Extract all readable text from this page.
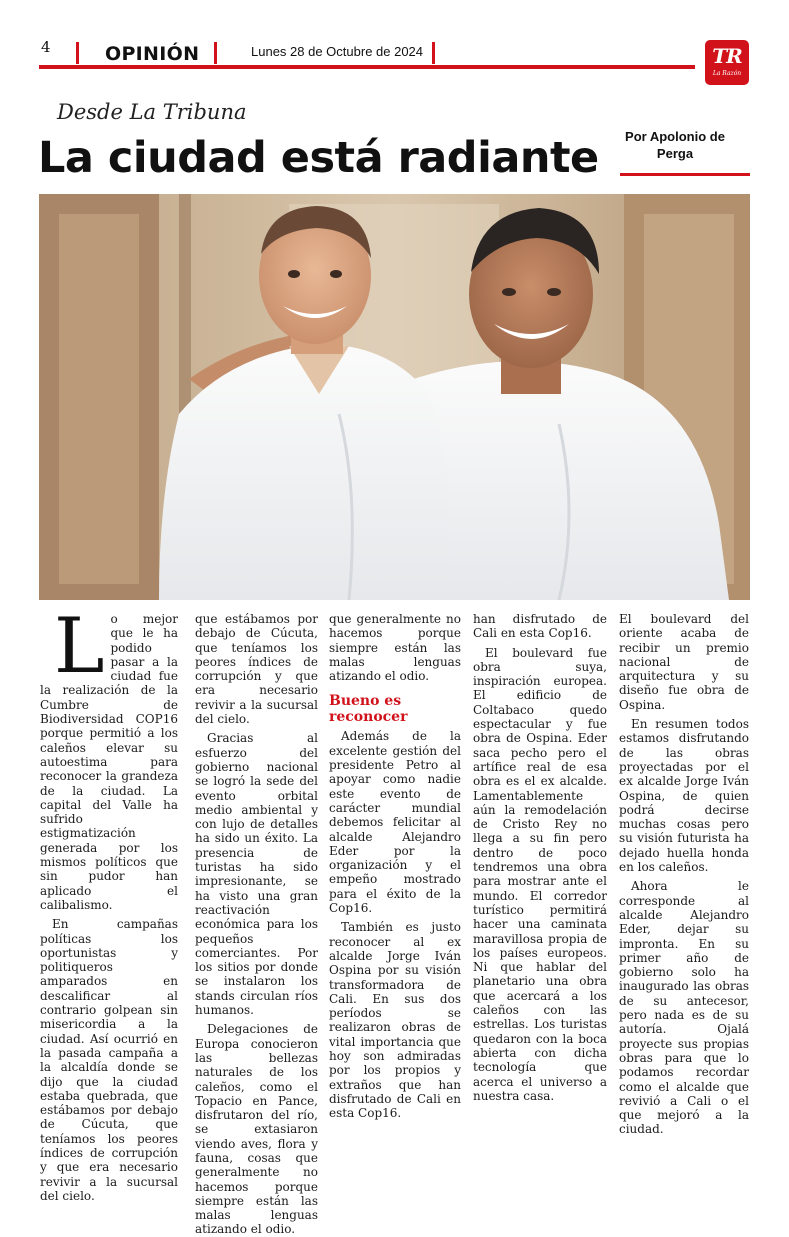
4	OPINIÓN	Lunes 28 de Octubre de 2024	TR
La Razón
Desde La Tribuna
La ciudad está radiante	Por Apolonio de Perga
L o mejor que le ha podido pasar a la ciudad fue la realización de la Cumbre de Biodiversidad COP16 porque permitió a los caleños elevar su autoestima para reconocer la grandeza de la ciudad. La capital del Valle ha sufrido estigmatización generada por los mismos políticos que sin pudor han aplicado el calibalismo.

En campañas políticas los oportunistas y politiqueros amparados en descalificar al contrario golpean sin misericordia a la ciudad. Así ocurrió en la pasada campaña a la alcaldía donde se dijo que la ciudad estaba quebrada, que estábamos por debajo de Cúcuta, que teníamos los peores índices de corrupción y que era necesario revivir a la sucursal del cielo.

que estábamos por debajo de Cúcuta, que teníamos los peores índices de corrupción y que era necesario revivir a la sucursal del cielo.

Gracias al esfuerzo del gobierno nacional se logró la sede del evento orbital medio ambiental y con lujo de detalles ha sido un éxito. La presencia de turistas ha sido impresionante, se ha visto una gran reactivación económica para los pequeños comerciantes. Por los sitios por donde se instalaron los stands circulan ríos humanos.

Delegaciones de Europa conocieron las bellezas naturales de los caleños, como el Topacio en Pance, disfrutaron del río, se extasiaron viendo aves, flora y fauna, cosas que generalmente no hacemos porque siempre están las malas lenguas atizando el odio.

que generalmente no hacemos porque siempre están las malas lenguas atizando el odio.

Bueno es reconocer

Además de la excelente gestión del presidente Petro al apoyar como nadie este evento de carácter mundial debemos felicitar al alcalde Alejandro Eder por la organización y el empeño mostrado para el éxito de la Cop16.

También es justo reconocer al ex alcalde Jorge Iván Ospina por su visión transformadora de Cali. En sus dos períodos se realizaron obras de vital importancia que hoy son admiradas por los propios y extraños que han disfrutado de Cali en esta Cop16.

han disfrutado de Cali en esta Cop16.

El boulevard fue obra suya, inspiración europea. El edificio de Coltabaco quedo espectacular y fue obra de Ospina. Eder saca pecho pero el artífice real de esa obra es el ex alcalde. Lamentablemente aún la remodelación de Cristo Rey no llega a su fin pero dentro de poco tendremos una obra para mostrar ante el mundo. El corredor turístico permitirá hacer una caminata maravillosa propia de los países europeos. Ni que hablar del planetario una obra que acercará a los caleños con las estrellas. Los turistas quedaron con la boca abierta con dicha tecnología que acerca el universo a nuestra casa.

El boulevard del oriente acaba de recibir un premio nacional de arquitectura y su diseño fue obra de Ospina.

En resumen todos estamos disfrutando de las obras proyectadas por el ex alcalde Jorge Iván Ospina, de quien podrá decirse muchas cosas pero su visión futurista ha dejado huella honda en los caleños.

Ahora le corresponde al alcalde Alejandro Eder, dejar su impronta. En su primer año de gobierno solo ha inaugurado las obras de su antecesor, pero nada es de su autoría. Ojalá proyecte sus propias obras para que lo podamos recordar como el alcalde que revivió a Cali o el que mejoró a la ciudad.
